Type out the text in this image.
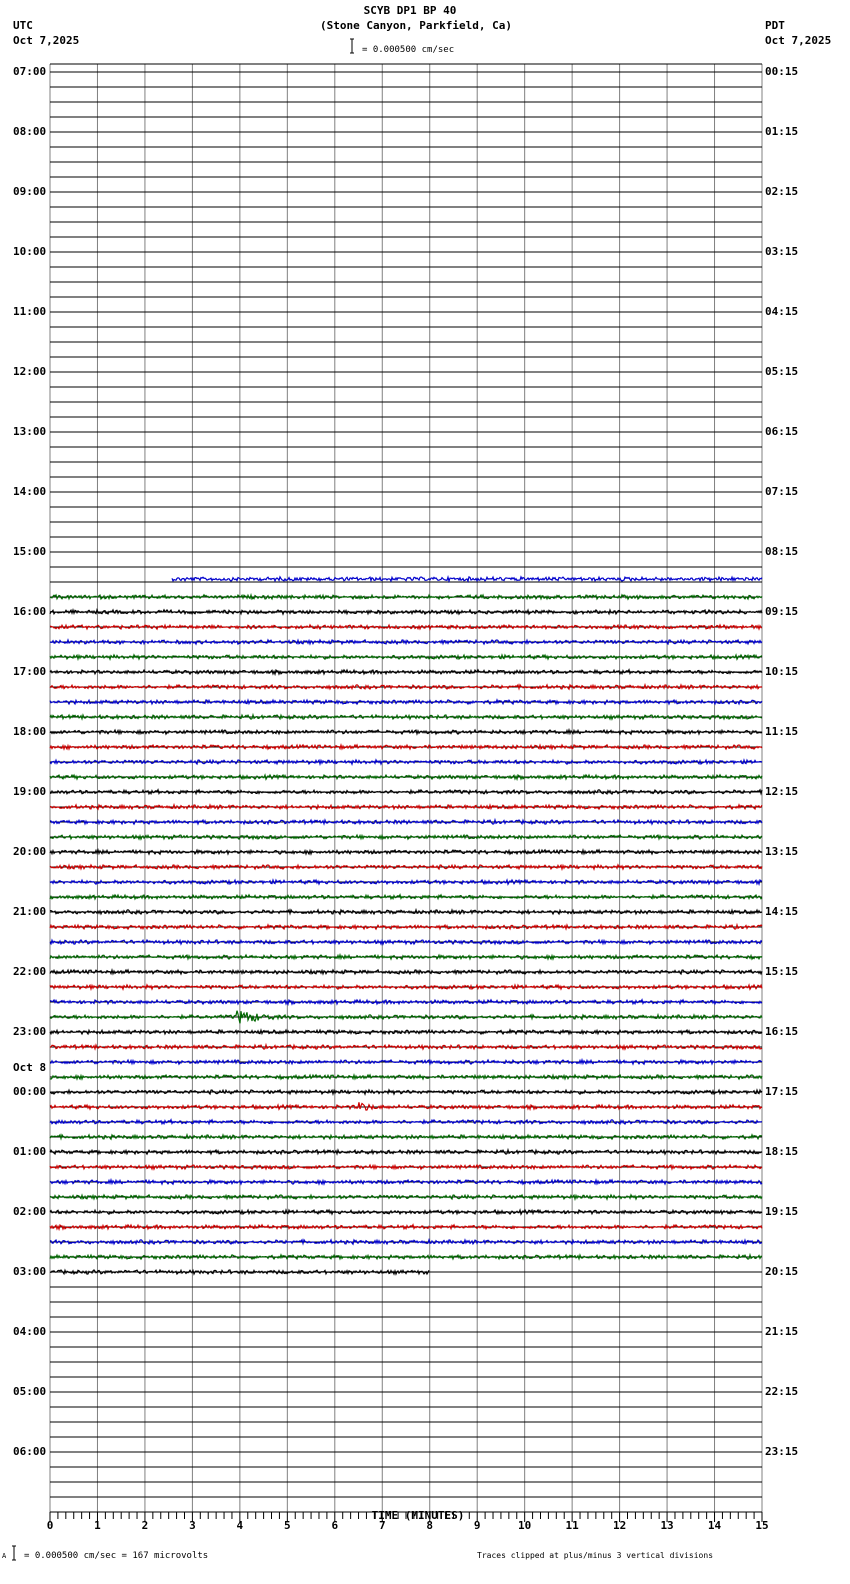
SCYB DP1 BP 40
(Stone Canyon, Parkfield, Ca)
UTC
Oct 7,2025
PDT
Oct 7,2025
= 0.000500 cm/sec
Oct 8
TIME (MINUTES)
A = 0.000500 cm/sec = 167 microvolts	Traces clipped at plus/minus 3 vertical divisions
07:00
08:00
09:00
10:00
11:00
12:00
13:00
14:00
15:00
16:00
17:00
18:00
19:00
20:00
21:00
22:00
23:00
00:00
01:00
02:00
03:00
04:00
05:00
06:00
00:15
01:15
02:15
03:15
04:15
05:15
06:15
07:15
08:15
09:15
10:15
11:15
12:15
13:15
14:15
15:15
16:15
17:15
18:15
19:15
20:15
21:15
22:15
23:15
0	1	2	3	4	5	6	7	8	9	10	11	12	13	14	15
